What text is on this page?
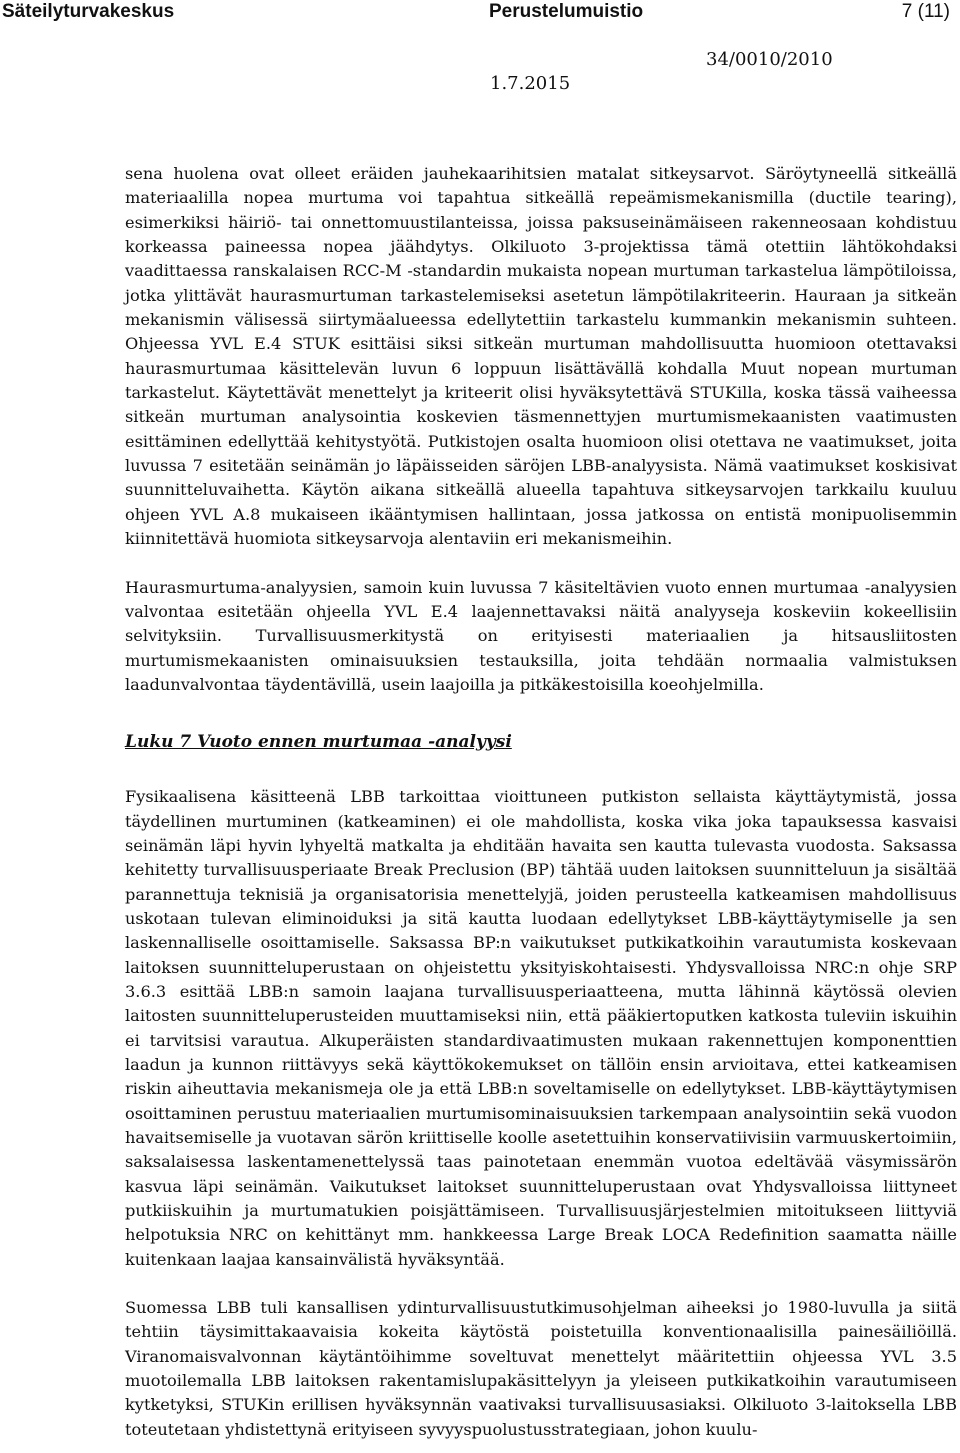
Säteilyturvakeskus	Perustelumuistio	7 (11)
34/0010/2010
1.7.2015

sena huolena ovat olleet eräiden jauhekaarihitsien matalat sitkeysarvot. Säröytyneellä sitkeällä materiaalilla nopea murtuma voi tapahtua sitkeällä repeämismekanismilla (ductile tearing), esimerkiksi häiriö- tai onnettomuustilanteissa, joissa paksuseinämäiseen rakenneosaan kohdistuu korkeassa paineessa nopea jäähdytys. Olkiluoto 3-projektissa tämä otettiin lähtökohdaksi vaadittaessa ranskalaisen RCC-M -standardin mukaista nopean murtuman tarkastelua lämpötiloissa, jotka ylittävät haurasmurtuman tarkastelemiseksi asetetun lämpötilakriteerin. Hauraan ja sitkeän mekanismin välisessä siirtymäalueessa edellytettiin tarkastelu kummankin mekanismin suhteen. Ohjeessa YVL E.4 STUK esittäisi siksi sitkeän murtuman mahdollisuutta huomioon otettavaksi haurasmurtumaa käsittelevän luvun 6 loppuun lisättävällä kohdalla Muut nopean murtuman tarkastelut. Käytettävät menettelyt ja kriteerit olisi hyväksytettävä STUKilla, koska tässä vaiheessa sitkeän murtuman analysointia koskevien täsmennettyjen murtumismekaanisten vaatimusten esittäminen edellyttää kehitystyötä. Putkistojen osalta huomioon olisi otettava ne vaatimukset, joita luvussa 7 esitetään seinämän jo läpäisseiden säröjen LBB-analyysista. Nämä vaatimukset koskisivat suunnitteluvaihetta. Käytön aikana sitkeällä alueella tapahtuva sitkeysarvojen tarkkailu kuuluu ohjeen YVL A.8 mukaiseen ikääntymisen hallintaan, jossa jatkossa on entistä monipuolisemmin kiinnitettävä huomiota sitkeysarvoja alentaviin eri mekanismeihin.

Haurasmurtuma-analyysien, samoin kuin luvussa 7 käsiteltävien vuoto ennen murtumaa -analyysien valvontaa esitetään ohjeella YVL E.4 laajennettavaksi näitä analyyseja koskeviin kokeellisiin selvityksiin. Turvallisuusmerkitystä on erityisesti materiaalien ja hitsausliitosten murtumismekaanisten ominaisuuksien testauksilla, joita tehdään normaalia valmistuksen laadunvalvontaa täydentävillä, usein laajoilla ja pitkäkestoisilla koeohjelmilla.

Luku 7 Vuoto ennen murtumaa -analyysi

Fysikaalisena käsitteenä LBB tarkoittaa vioittuneen putkiston sellaista käyttäytymistä, jossa täydellinen murtuminen (katkeaminen) ei ole mahdollista, koska vika joka tapauksessa kasvaisi seinämän läpi hyvin lyhyeltä matkalta ja ehditään havaita sen kautta tulevasta vuodosta. Saksassa kehitetty turvallisuusperiaate Break Preclusion (BP) tähtää uuden laitoksen suunnitteluun ja sisältää parannettuja teknisiä ja organisatorisia menettelyjä, joiden perusteella katkeamisen mahdollisuus uskotaan tulevan eliminoiduksi ja sitä kautta luodaan edellytykset LBB-käyttäytymiselle ja sen laskennalliselle osoittamiselle. Saksassa BP:n vaikutukset putkikatkoihin varautumista koskevaan laitoksen suunnitteluperustaan on ohjeistettu yksityiskohtaisesti. Yhdysvalloissa NRC:n ohje SRP 3.6.3 esittää LBB:n samoin laajana turvallisuusperiaatteena, mutta lähinnä käytössä olevien laitosten suunnitteluperusteiden muuttamiseksi niin, että pääkiertoputken katkosta tuleviin iskuihin ei tarvitsisi varautua. Alkuperäisten standardivaatimusten mukaan rakennettujen komponenttien laadun ja kunnon riittävyys sekä käyttökokemukset on tällöin ensin arvioitava, ettei katkeamisen riskin aiheuttavia mekanismeja ole ja että LBB:n soveltamiselle on edellytykset. LBB-käyttäytymisen osoittaminen perustuu materiaalien murtumisominaisuuksien tarkempaan analysointiin sekä vuodon havaitsemiselle ja vuotavan särön kriittiselle koolle asetettuihin konservatiivisiin varmuuskertoimiin, saksalaisessa laskentamenettelyssä taas painotetaan enemmän vuotoa edeltävää väsymissärön kasvua läpi seinämän. Vaikutukset laitokset suunnitteluperustaan ovat Yhdysvalloissa liittyneet putkiiskuihin ja murtumatukien poisjättämiseen. Turvallisuusjärjestelmien mitoitukseen liittyviä helpotuksia NRC on kehittänyt mm. hankkeessa Large Break LOCA Redefinition saamatta näille kuitenkaan laajaa kansainvälistä hyväksyntää.

Suomessa LBB tuli kansallisen ydinturvallisuustutkimusohjelman aiheeksi jo 1980-luvulla ja siitä tehtiin täysimittakaavaisia kokeita käytöstä poistetuilla konventionaalisilla painesäiliöillä. Viranomaisvalvonnan käytäntöihimme soveltuvat menettelyt määritettiin ohjeessa YVL 3.5 muotoilemalla LBB laitoksen rakentamislupakäsittelyyn ja yleiseen putkikatkoihin varautumiseen kytketyksi, STUKin erillisen hyväksynnän vaativaksi turvallisuusasiaksi. Olkiluoto 3-laitoksella LBB toteutetaan yhdistettynä erityiseen syvyyspuolustusstrategiaan, johon kuulu-
